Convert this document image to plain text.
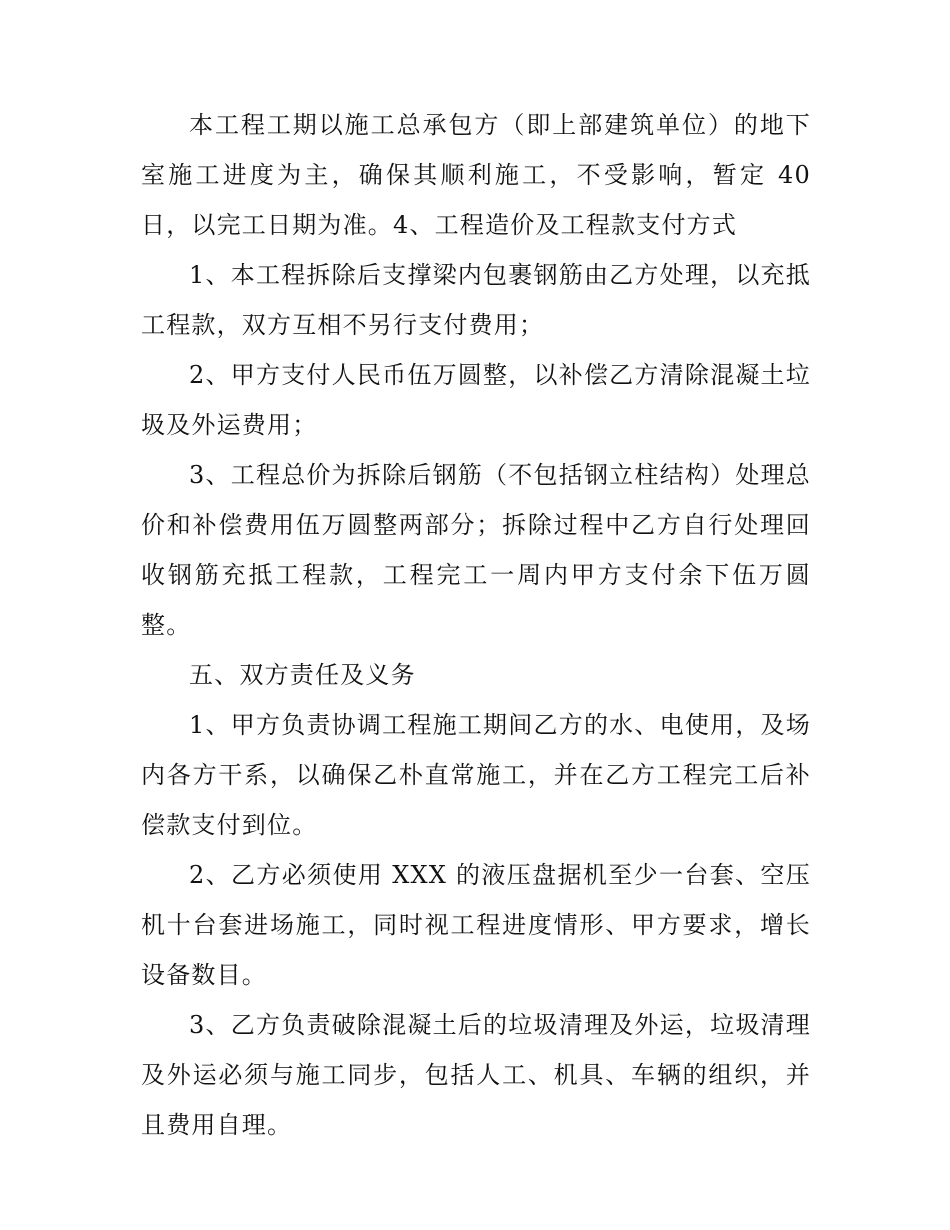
本工程工期以施工总承包方（即上部建筑单位）的地下室施工进度为主，确保其顺利施工，不受影响，暂定 40 日，以完工日期为准。4、工程造价及工程款支付方式

1、本工程拆除后支撑梁内包裹钢筋由乙方处理，以充抵工程款，双方互相不另行支付费用；

2、甲方支付人民币伍万圆整，以补偿乙方清除混凝土垃圾及外运费用；

3、工程总价为拆除后钢筋（不包括钢立柱结构）处理总价和补偿费用伍万圆整两部分；拆除过程中乙方自行处理回收钢筋充抵工程款，工程完工一周内甲方支付余下伍万圆整。

五、双方责任及义务

1、甲方负责协调工程施工期间乙方的水、电使用，及场内各方干系，以确保乙朴直常施工，并在乙方工程完工后补偿款支付到位。

2、乙方必须使用 XXX 的液压盘据机至少一台套、空压机十台套进场施工，同时视工程进度情形、甲方要求，增长设备数目。

3、乙方负责破除混凝土后的垃圾清理及外运，垃圾清理及外运必须与施工同步，包括人工、机具、车辆的组织，并且费用自理。
